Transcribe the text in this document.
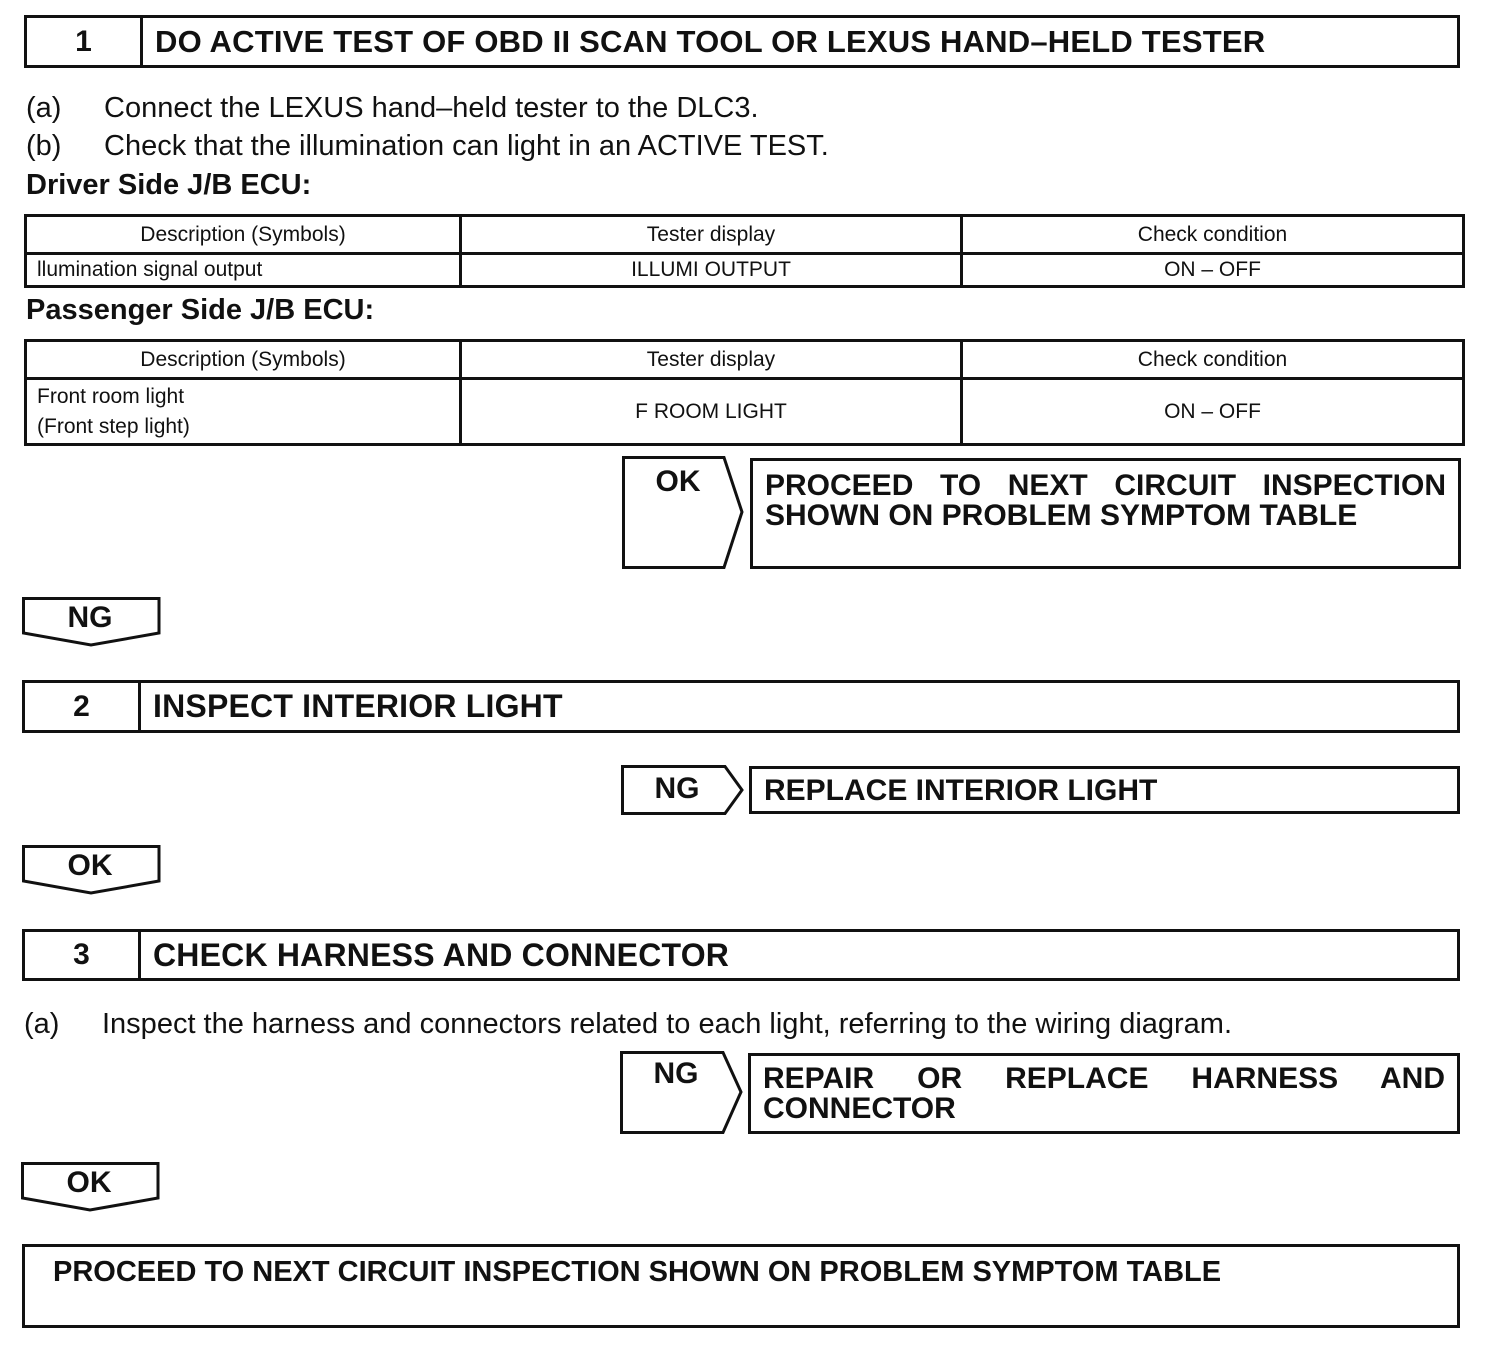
1	DO ACTIVE TEST OF OBD II SCAN TOOL OR LEXUS HAND–HELD TESTER
(a) Connect the LEXUS hand–held tester to the DLC3.
(b) Check that the illumination can light in an ACTIVE TEST.
Driver Side J/B ECU:
Description (Symbols)	Tester display	Check condition
llumination signal output	ILLUMI OUTPUT	ON – OFF
Passenger Side J/B ECU:
Description (Symbols)	Tester display	Check condition

Front room light
(Front step light)	F ROOM LIGHT	ON – OFF
OK	PROCEED TO NEXT CIRCUIT INSPECTION
SHOWN ON PROBLEM SYMPTOM TABLE
NG
2	INSPECT INTERIOR LIGHT
NG	REPLACE INTERIOR LIGHT
OK
3	CHECK HARNESS AND CONNECTOR
(a) Inspect the harness and connectors related to each light, referring to the wiring diagram.
NG	REPAIR OR REPLACE HARNESS AND
CONNECTOR
OK
PROCEED TO NEXT CIRCUIT INSPECTION SHOWN ON PROBLEM SYMPTOM TABLE
